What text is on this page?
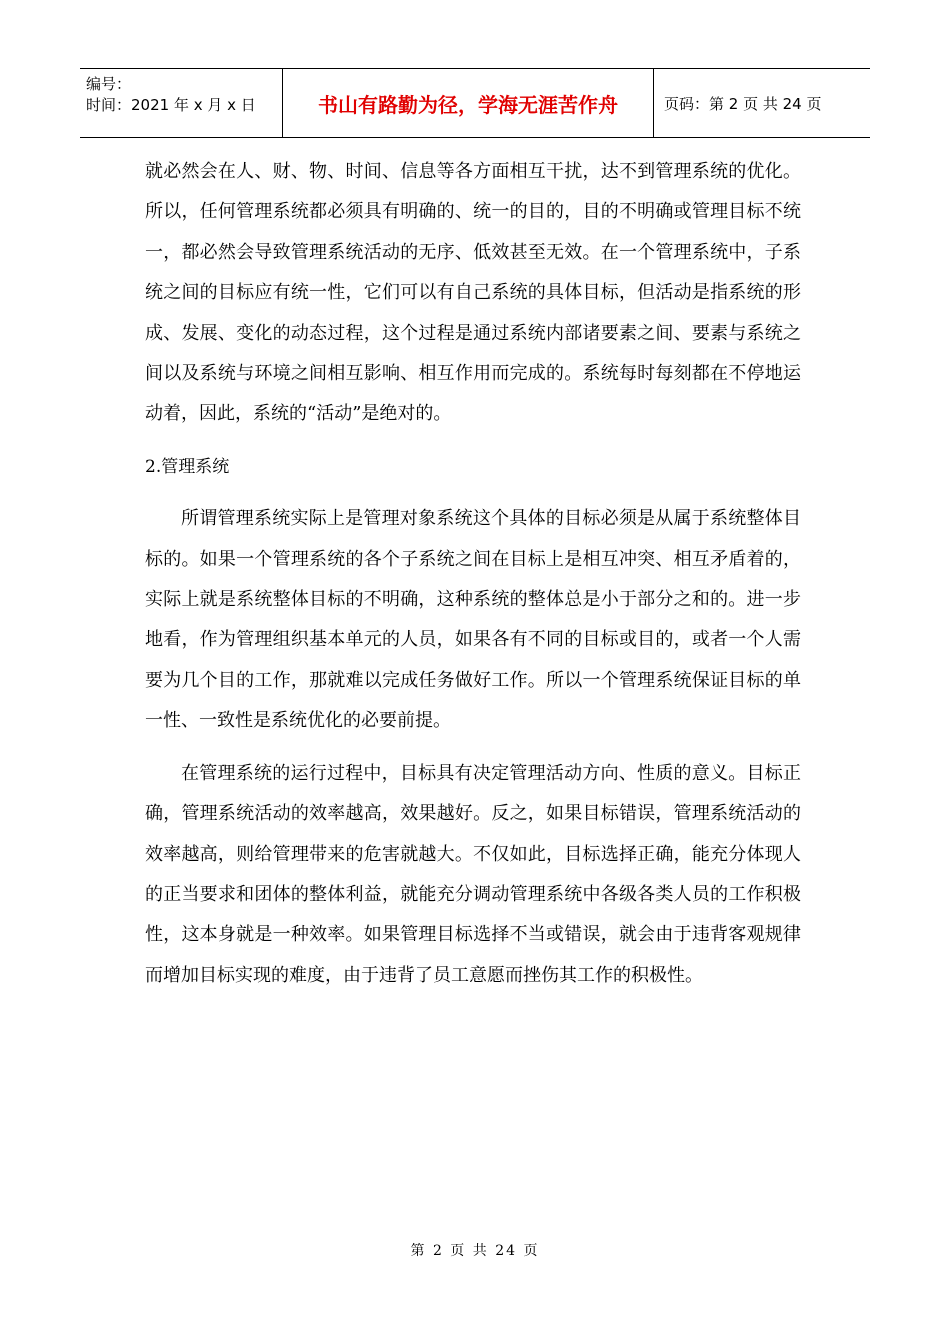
编号：
时间：2021 年 x 月 x 日	书山有路勤为径，学海无涯苦作舟	页码：第 2 页 共 24 页

就必然会在人、财、物、时间、信息等各方面相互干扰，达不到管理系统的优化。所以，任何管理系统都必须具有明确的、统一的目的，目的不明确或管理目标不统一，都必然会导致管理系统活动的无序、低效甚至无效。在一个管理系统中，子系统之间的目标应有统一性，它们可以有自己系统的具体目标，但活动是指系统的形成、发展、变化的动态过程，这个过程是通过系统内部诸要素之间、要素与系统之间以及系统与环境之间相互影响、相互作用而完成的。系统每时每刻都在不停地运动着，因此，系统的“活动”是绝对的。

2.管理系统

所谓管理系统实际上是管理对象系统这个具体的目标必须是从属于系统整体目标的。如果一个管理系统的各个子系统之间在目标上是相互冲突、相互矛盾着的，实际上就是系统整体目标的不明确，这种系统的整体总是小于部分之和的。进一步地看，作为管理组织基本单元的人员，如果各有不同的目标或目的，或者一个人需要为几个目的工作，那就难以完成任务做好工作。所以一个管理系统保证目标的单一性、一致性是系统优化的必要前提。

在管理系统的运行过程中，目标具有决定管理活动方向、性质的意义。目标正确，管理系统活动的效率越高，效果越好。反之，如果目标错误，管理系统活动的效率越高，则给管理带来的危害就越大。不仅如此，目标选择正确，能充分体现人的正当要求和团体的整体利益，就能充分调动管理系统中各级各类人员的工作积极性，这本身就是一种效率。如果管理目标选择不当或错误，就会由于违背客观规律而增加目标实现的难度，由于违背了员工意愿而挫伤其工作的积极性。

第 2 页 共 24 页
